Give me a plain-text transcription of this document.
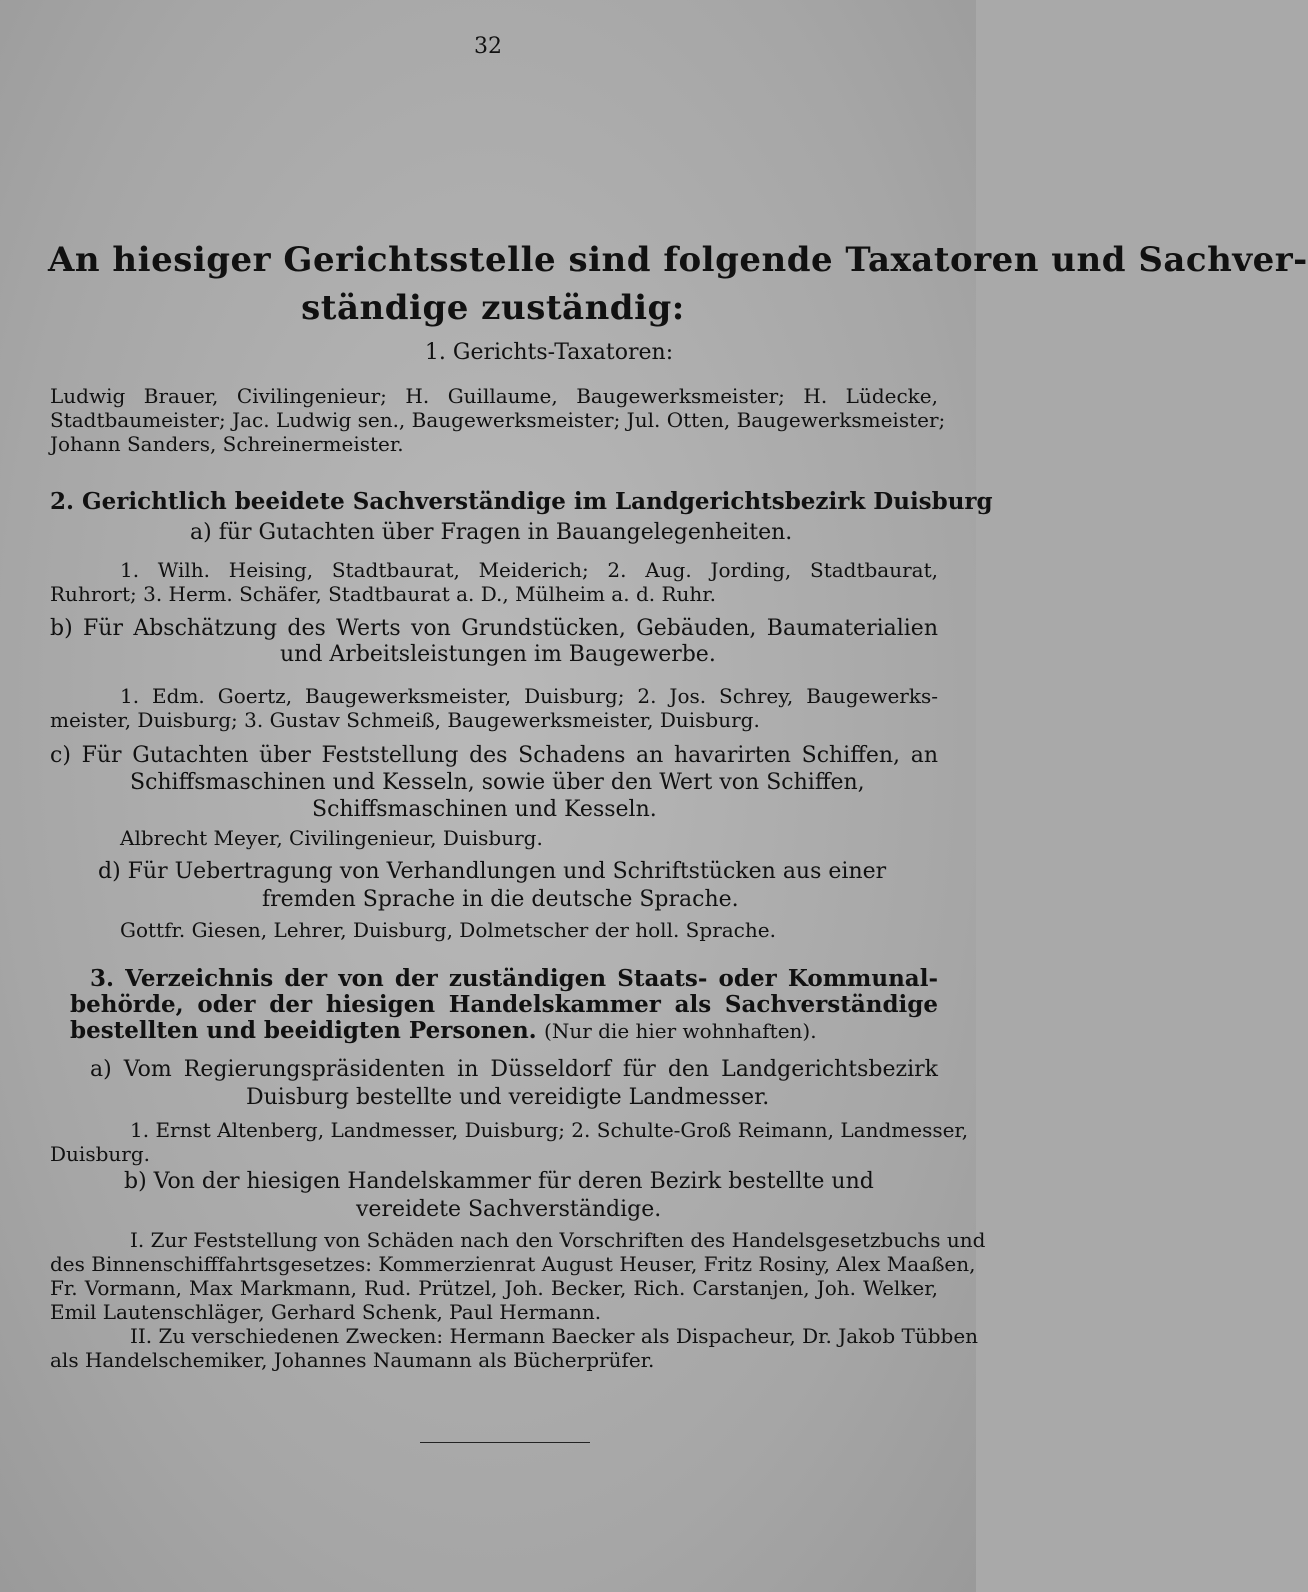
32
An hiesiger Gerichtsstelle sind folgende Taxatoren und Sachver-
ständige zuständig:
1. Gerichts-Taxatoren:
Ludwig Brauer, Civilingenieur; H. Guillaume, Baugewerksmeister; H. Lüdecke,
Stadtbaumeister; Jac. Ludwig sen., Baugewerksmeister; Jul. Otten, Baugewerksmeister;
Johann Sanders, Schreinermeister.
2. Gerichtlich beeidete Sachverständige im Landgerichtsbezirk Duisburg
a) für Gutachten über Fragen in Bauangelegenheiten.
1. Wilh. Heising, Stadtbaurat, Meiderich; 2. Aug. Jording, Stadtbaurat,
Ruhrort; 3. Herm. Schäfer, Stadtbaurat a. D., Mülheim a. d. Ruhr.
b) Für Abschätzung des Werts von Grundstücken, Gebäuden, Baumaterialien
und Arbeitsleistungen im Baugewerbe.
1. Edm. Goertz, Baugewerksmeister, Duisburg; 2. Jos. Schrey, Baugewerks-
meister, Duisburg; 3. Gustav Schmeiß, Baugewerksmeister, Duisburg.
c) Für Gutachten über Feststellung des Schadens an havarirten Schiffen, an
Schiffsmaschinen und Kesseln, sowie über den Wert von Schiffen,
Schiffsmaschinen und Kesseln.
Albrecht Meyer, Civilingenieur, Duisburg.
d) Für Uebertragung von Verhandlungen und Schriftstücken aus einer
fremden Sprache in die deutsche Sprache.
Gottfr. Giesen, Lehrer, Duisburg, Dolmetscher der holl. Sprache.
3. Verzeichnis der von der zuständigen Staats- oder Kommunal-
behörde, oder der hiesigen Handelskammer als Sachverständige
bestellten und beeidigten Personen. (Nur die hier wohnhaften).
a) Vom Regierungspräsidenten in Düsseldorf für den Landgerichtsbezirk
Duisburg bestellte und vereidigte Landmesser.
1. Ernst Altenberg, Landmesser, Duisburg; 2. Schulte-Groß Reimann, Landmesser,
Duisburg.
b) Von der hiesigen Handelskammer für deren Bezirk bestellte und
vereidete Sachverständige.
I. Zur Feststellung von Schäden nach den Vorschriften des Handelsgesetzbuchs und
des Binnenschifffahrtsgesetzes: Kommerzienrat August Heuser, Fritz Rosiny, Alex Maaßen,
Fr. Vormann, Max Markmann, Rud. Prützel, Joh. Becker, Rich. Carstanjen, Joh. Welker,
Emil Lautenschläger, Gerhard Schenk, Paul Hermann.
II. Zu verschiedenen Zwecken: Hermann Baecker als Dispacheur, Dr. Jakob Tübben
als Handelschemiker, Johannes Naumann als Bücherprüfer.
